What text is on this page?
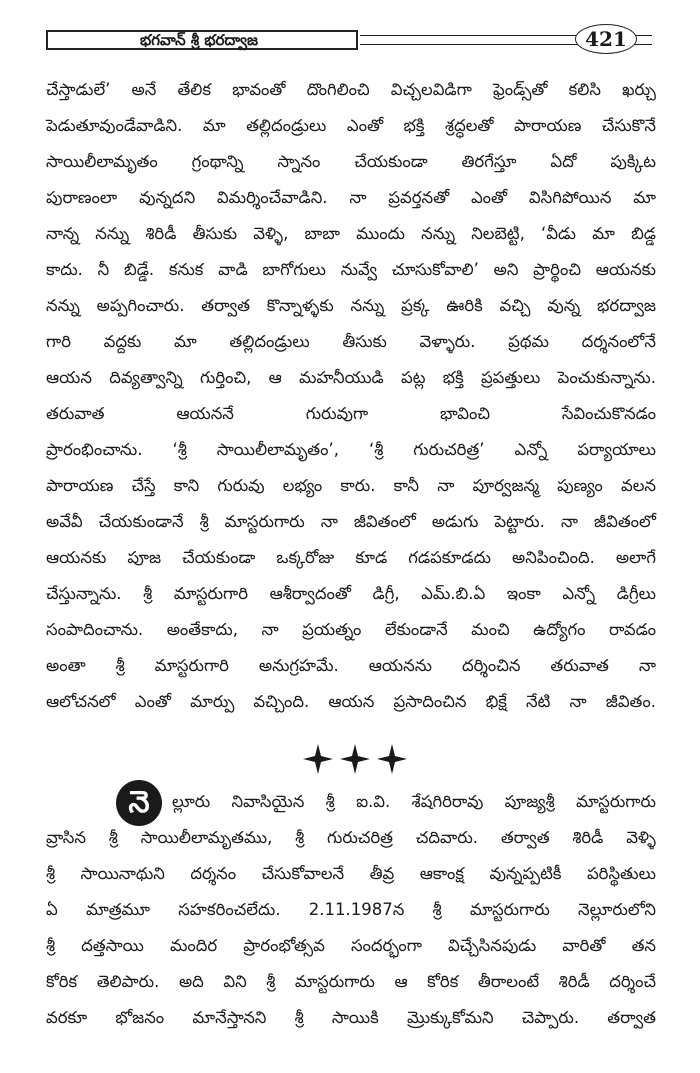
భగవాన్ శ్రీ భరద్వాజ	421
చేస్తాడులే’ అనే తేలిక భావంతో దొంగిలించి విచ్చలవిడిగా ఫ్రెండ్స్‌తో కలిసి ఖర్చు
పెడుతూవుండేవాడిని. మా తల్లిదండ్రులు ఎంతో భక్తి శ్రద్ధలతో పారాయణ చేసుకొనే
సాయిలీలామృతం గ్రంథాన్ని స్నానం చేయకుండా తిరగేస్తూ ఏదో పుక్కిట
పురాణంలా వున్నదని విమర్శించేవాడిని. నా ప్రవర్తనతో ఎంతో విసిగిపోయిన మా
నాన్న నన్ను శిరిడీ తీసుకు వెళ్ళి, బాబా ముందు నన్ను నిలబెట్టి, ‘వీడు మా బిడ్డ
కాదు. నీ బిడ్డే. కనుక వాడి బాగోగులు నువ్వే చూసుకోవాలి’ అని ప్రార్థించి ఆయనకు
నన్ను అప్పగించారు. తర్వాత కొన్నాళ్ళకు నన్ను ప్రక్క ఊరికి వచ్చి వున్న భరద్వాజ
గారి వద్దకు మా తల్లిదండ్రులు తీసుకు వెళ్ళారు. ప్రథమ దర్శనంలోనే
ఆయన దివ్యత్వాన్ని గుర్తించి, ఆ మహనీయుడి పట్ల భక్తి ప్రపత్తులు పెంచుకున్నాను.
తరువాత ఆయననే గురువుగా భావించి సేవించుకొనడం
ప్రారంభించాను. ‘శ్రీ సాయిలీలామృతం’, ‘శ్రీ గురుచరిత్ర’ ఎన్నో పర్యాయాలు
పారాయణ చేస్తే కాని గురువు లభ్యం కారు. కానీ నా పూర్వజన్మ పుణ్యం వలన
అవేవీ చేయకుండానే శ్రీ మాస్టరుగారు నా జీవితంలో అడుగు పెట్టారు. నా జీవితంలో
ఆయనకు పూజ చేయకుండా ఒక్కరోజు కూడ గడపకూడదు అనిపించింది. అలాగే
చేస్తున్నాను. శ్రీ మాస్టరుగారి ఆశీర్వాదంతో డిగ్రీ, ఎమ్.బి.ఏ ఇంకా ఎన్నో డిగ్రీలు
సంపాదించాను. అంతేకాదు, నా ప్రయత్నం లేకుండానే మంచి ఉద్యోగం రావడం
అంతా శ్రీ మాస్టరుగారి అనుగ్రహమే. ఆయనను దర్శించిన తరువాత నా
ఆలోచనలో ఎంతో మార్పు వచ్చింది. ఆయన ప్రసాదించిన భిక్షే నేటి నా జీవితం.
నె	ల్లూరు నివాసియైన శ్రీ ఐ.వి. శేషగిరిరావు పూజ్యశ్రీ మాస్టరుగారు
వ్రాసిన శ్రీ సాయిలీలామృతము, శ్రీ గురుచరిత్ర చదివారు. తర్వాత శిరిడీ వెళ్ళి
శ్రీ సాయినాథుని దర్శనం చేసుకోవాలనే తీవ్ర ఆకాంక్ష వున్నప్పటికీ పరిస్థితులు
ఏ మాత్రమూ సహకరించలేదు. 2.11.1987న శ్రీ మాస్టరుగారు నెల్లూరులోని
శ్రీ దత్తసాయి మందిర ప్రారంభోత్సవ సందర్భంగా విచ్చేసినపుడు వారితో తన
కోరిక తెలిపారు. అది విని శ్రీ మాస్టరుగారు ఆ కోరిక తీరాలంటే శిరిడీ దర్శించే
వరకూ భోజనం మానేస్తానని శ్రీ సాయికి మ్రొక్కుకోమని చెప్పారు. తర్వాత
